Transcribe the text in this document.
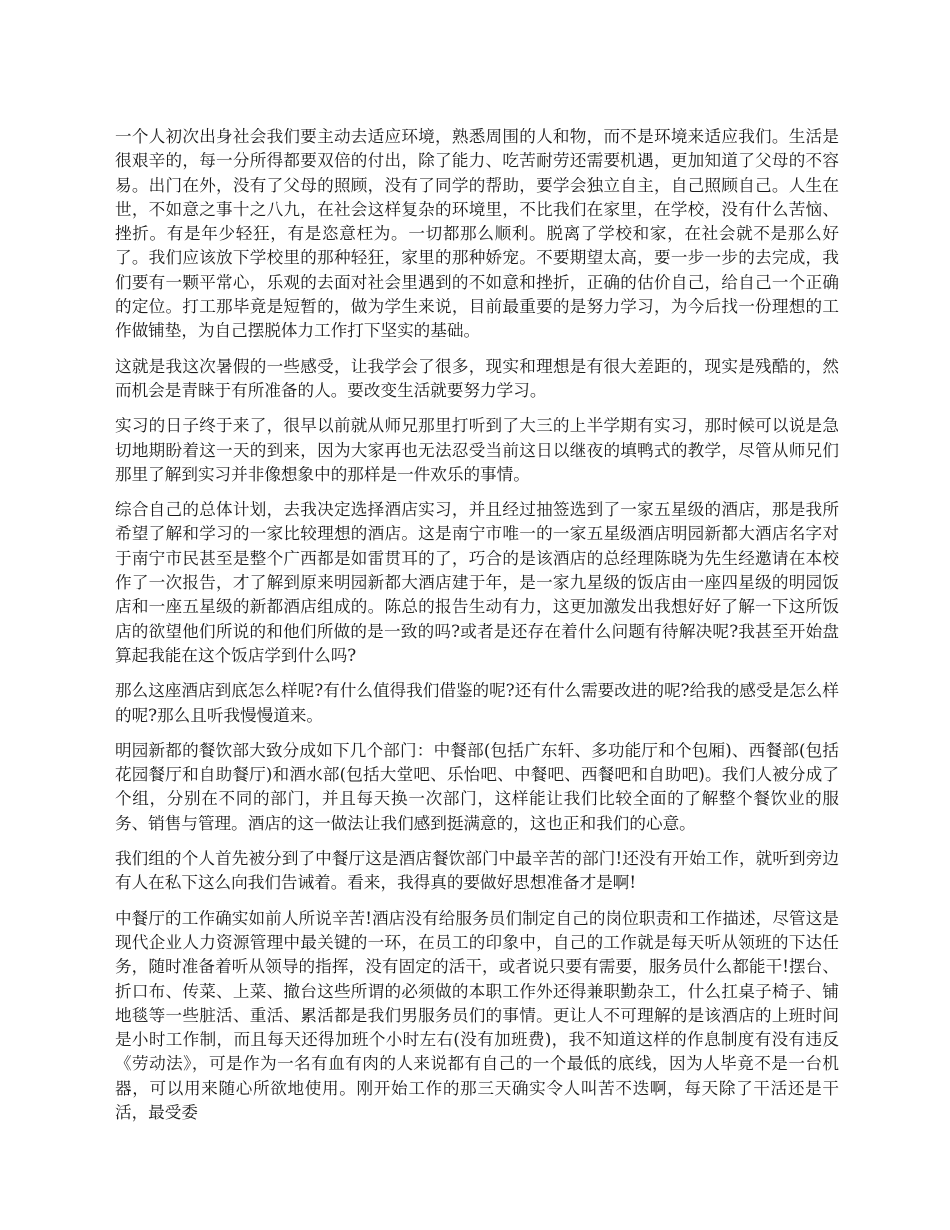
一个人初次出身社会我们要主动去适应环境，熟悉周围的人和物，而不是环境来适应我们。生活是很艰辛的，每一分所得都要双倍的付出，除了能力、吃苦耐劳还需要机遇，更加知道了父母的不容易。出门在外，没有了父母的照顾，没有了同学的帮助，要学会独立自主，自己照顾自己。人生在世，不如意之事十之八九，在社会这样复杂的环境里，不比我们在家里，在学校，没有什么苦恼、挫折。有是年少轻狂，有是恣意枉为。一切都那么顺利。脱离了学校和家，在社会就不是那么好了。我们应该放下学校里的那种轻狂，家里的那种娇宠。不要期望太高，要一步一步的去完成，我们要有一颗平常心，乐观的去面对社会里遇到的不如意和挫折，正确的估价自己，给自己一个正确的定位。打工那毕竟是短暂的，做为学生来说，目前最重要的是努力学习，为今后找一份理想的工作做铺垫，为自己摆脱体力工作打下坚实的基础。

这就是我这次暑假的一些感受，让我学会了很多，现实和理想是有很大差距的，现实是残酷的，然而机会是青睐于有所准备的人。要改变生活就要努力学习。

实习的日子终于来了，很早以前就从师兄那里打听到了大三的上半学期有实习，那时候可以说是急切地期盼着这一天的到来，因为大家再也无法忍受当前这日以继夜的填鸭式的教学，尽管从师兄们那里了解到实习并非像想象中的那样是一件欢乐的事情。

综合自己的总体计划，去我决定选择酒店实习，并且经过抽签选到了一家五星级的酒店，那是我所希望了解和学习的一家比较理想的酒店。这是南宁市唯一的一家五星级酒店明园新都大酒店名字对于南宁市民甚至是整个广西都是如雷贯耳的了，巧合的是该酒店的总经理陈晓为先生经邀请在本校作了一次报告，才了解到原来明园新都大酒店建于年，是一家九星级的饭店由一座四星级的明园饭店和一座五星级的新都酒店组成的。陈总的报告生动有力，这更加激发出我想好好了解一下这所饭店的欲望他们所说的和他们所做的是一致的吗?或者是还存在着什么问题有待解决呢?我甚至开始盘算起我能在这个饭店学到什么吗?

那么这座酒店到底怎么样呢?有什么值得我们借鉴的呢?还有什么需要改进的呢?给我的感受是怎么样的呢?那么且听我慢慢道来。

明园新都的餐饮部大致分成如下几个部门：中餐部(包括广东轩、多功能厅和个包厢)、西餐部(包括花园餐厅和自助餐厅)和酒水部(包括大堂吧、乐怡吧、中餐吧、西餐吧和自助吧)。我们人被分成了个组，分别在不同的部门，并且每天换一次部门，这样能让我们比较全面的了解整个餐饮业的服务、销售与管理。酒店的这一做法让我们感到挺满意的，这也正和我们的心意。

我们组的个人首先被分到了中餐厅这是酒店餐饮部门中最辛苦的部门!还没有开始工作，就听到旁边有人在私下这么向我们告诫着。看来，我得真的要做好思想准备才是啊!

中餐厅的工作确实如前人所说辛苦!酒店没有给服务员们制定自己的岗位职责和工作描述，尽管这是现代企业人力资源管理中最关键的一环，在员工的印象中，自己的工作就是每天听从领班的下达任务，随时准备着听从领导的指挥，没有固定的活干，或者说只要有需要，服务员什么都能干!摆台、折口布、传菜、上菜、撤台这些所谓的必须做的本职工作外还得兼职勤杂工，什么扛桌子椅子、铺地毯等一些脏活、重活、累活都是我们男服务员们的事情。更让人不可理解的是该酒店的上班时间是小时工作制，而且每天还得加班个小时左右(没有加班费)，我不知道这样的作息制度有没有违反《劳动法》，可是作为一名有血有肉的人来说都有自己的一个最低的底线，因为人毕竟不是一台机器，可以用来随心所欲地使用。刚开始工作的那三天确实令人叫苦不迭啊，每天除了干活还是干活，最受委
